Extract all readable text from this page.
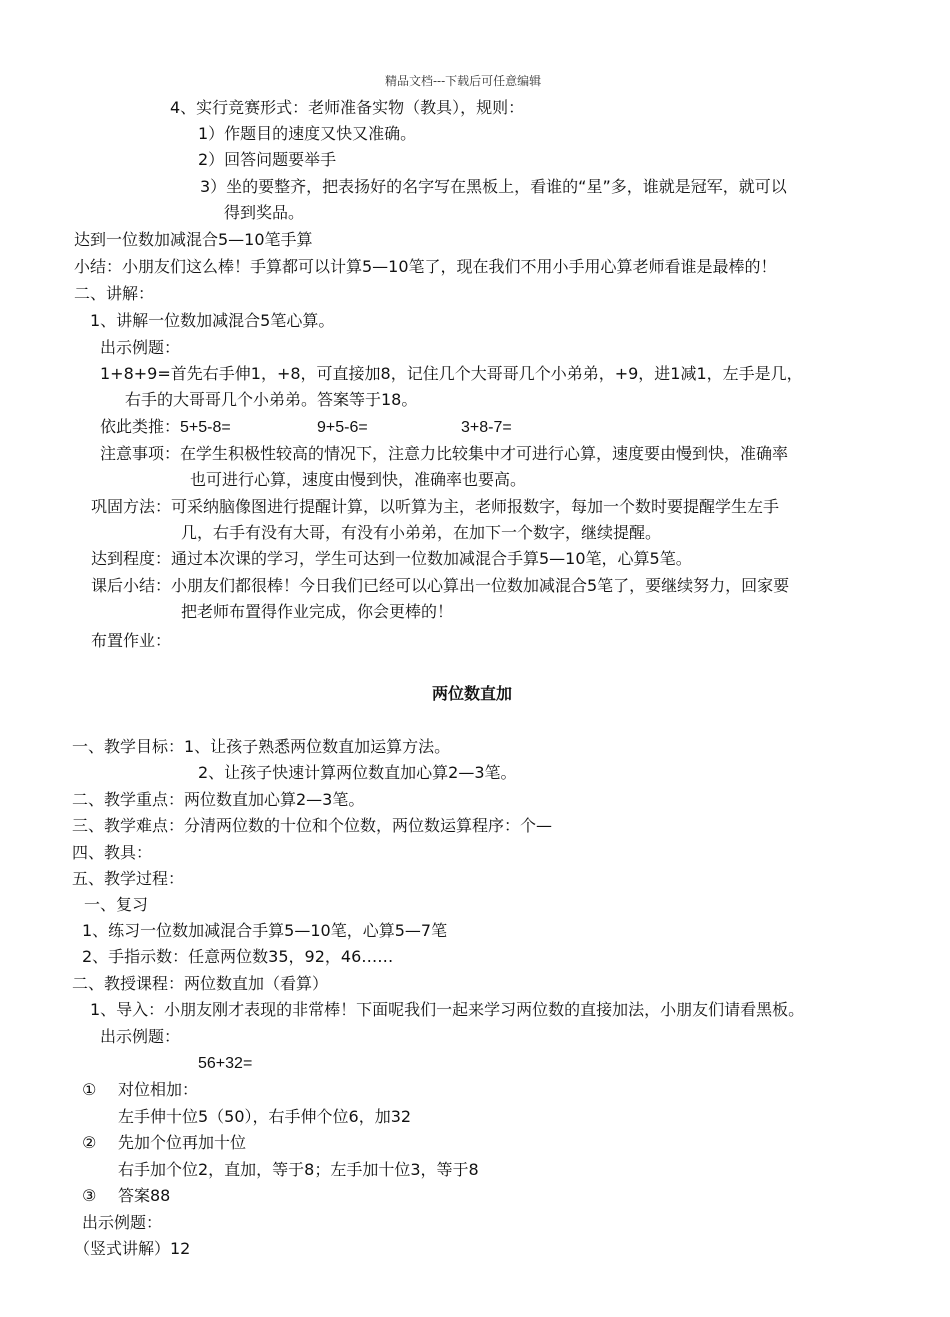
精品文档---下载后可任意编辑
4、实行竞赛形式：老师准备实物（教具），规则：
1）作题目的速度又快又准确。
2）回答问题要举手
3）坐的要整齐，把表扬好的名字写在黑板上，看谁的“星”多，谁就是冠军，就可以
得到奖品。
达到一位数加减混合5—10笔手算
小结：小朋友们这么棒！手算都可以计算5—10笔了，现在我们不用小手用心算老师看谁是最棒的！
二、讲解：
1、讲解一位数加减混合5笔心算。
出示例题：
1+8+9=首先右手伸1，+8，可直接加8，记住几个大哥哥几个小弟弟，+9，进1减1，左手是几，
右手的大哥哥几个小弟弟。答案等于18。
依此类推：5+5-8=	9+5-6=	3+8-7=
注意事项：在学生积极性较高的情况下，注意力比较集中才可进行心算，速度要由慢到快，准确率
也可进行心算，速度由慢到快，准确率也要高。
巩固方法：可采纳脑像图进行提醒计算，以听算为主，老师报数字，每加一个数时要提醒学生左手
几，右手有没有大哥，有没有小弟弟，在加下一个数字，继续提醒。
达到程度：通过本次课的学习，学生可达到一位数加减混合手算5—10笔，心算5笔。
课后小结：小朋友们都很棒！今日我们已经可以心算出一位数加减混合5笔了，要继续努力，回家要
把老师布置得作业完成，你会更棒的！
布置作业：
两位数直加
一、教学目标：1、让孩子熟悉两位数直加运算方法。
2、让孩子快速计算两位数直加心算2—3笔。
二、教学重点：两位数直加心算2—3笔。
三、教学难点：分清两位数的十位和个位数，两位数运算程序：个—
四、教具：
五、教学过程：
一、复习
1、练习一位数加减混合手算5—10笔，心算5—7笔
2、手指示数：任意两位数35，92，46……
二、教授课程：两位数直加（看算）
1、导入：小朋友刚才表现的非常棒！下面呢我们一起来学习两位数的直接加法，小朋友们请看黑板。
出示例题：
56+32=
① 对位相加：
左手伸十位5（50），右手伸个位6，加32
② 先加个位再加十位
右手加个位2，直加，等于8；左手加十位3，等于8
③ 答案88
出示例题：
（竖式讲解）12
